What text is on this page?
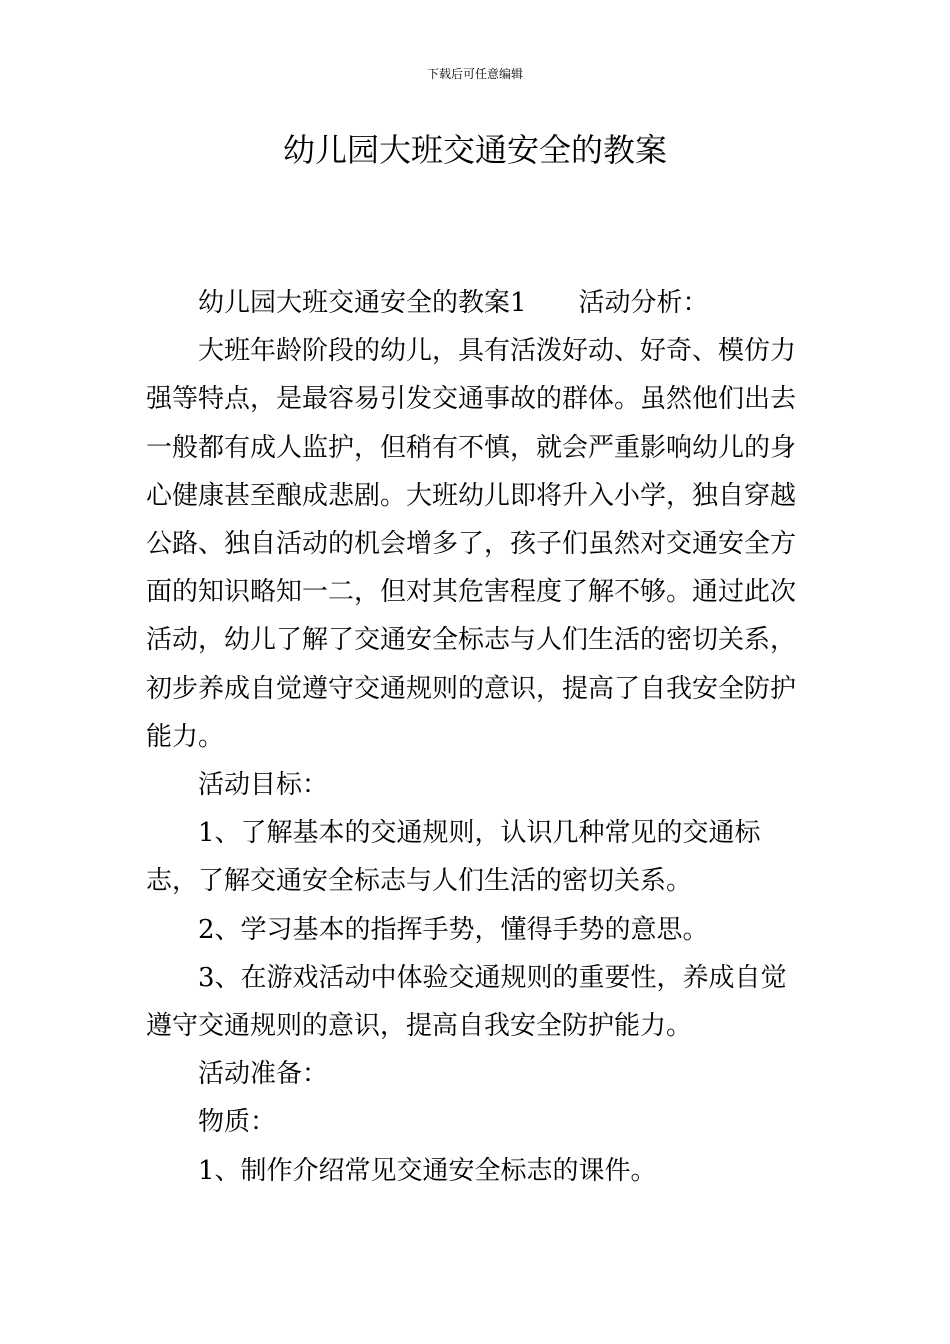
下载后可任意编辑
幼儿园大班交通安全的教案

幼儿园大班交通安全的教案1　　活动分析：

大班年龄阶段的幼儿，具有活泼好动、好奇、模仿力强等特点，是最容易引发交通事故的群体。虽然他们出去一般都有成人监护，但稍有不慎，就会严重影响幼儿的身心健康甚至酿成悲剧。大班幼儿即将升入小学，独自穿越公路、独自活动的机会增多了，孩子们虽然对交通安全方面的知识略知一二，但对其危害程度了解不够。通过此次活动，幼儿了解了交通安全标志与人们生活的密切关系，初步养成自觉遵守交通规则的意识，提高了自我安全防护能力。

活动目标：

1、了解基本的交通规则，认识几种常见的交通标志，了解交通安全标志与人们生活的密切关系。

2、学习基本的指挥手势，懂得手势的意思。

3、在游戏活动中体验交通规则的重要性，养成自觉遵守交通规则的意识，提高自我安全防护能力。

活动准备：

物质：

1、制作介绍常见交通安全标志的课件。
